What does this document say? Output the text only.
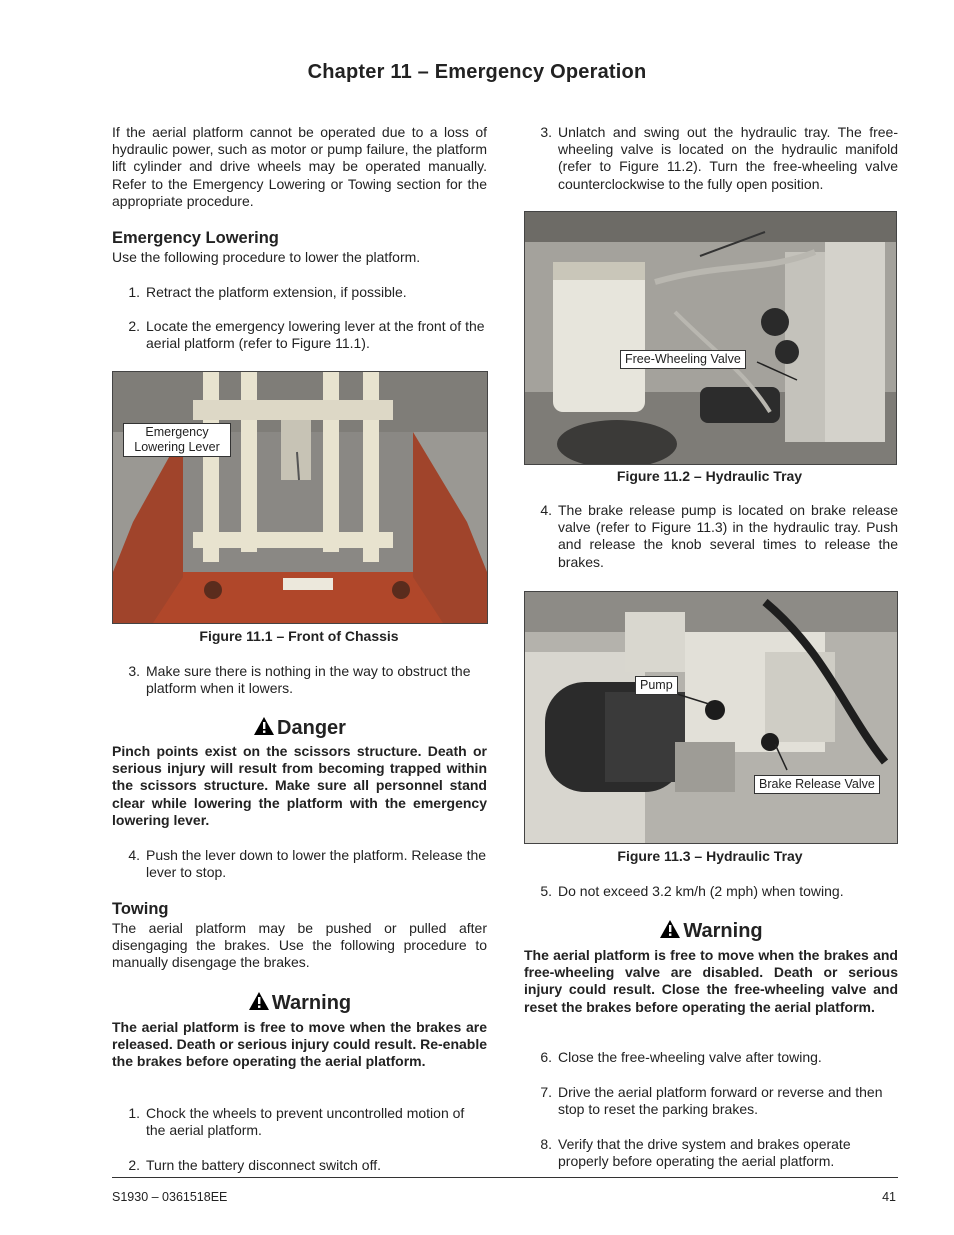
Chapter 11 – Emergency Operation
If the aerial platform cannot be operated due to a loss of hydraulic power, such as motor or pump failure, the platform lift cylinder and drive wheels may be operated manually. Refer to the Emergency Lowering or Towing section for the appropriate procedure.
Emergency Lowering
Use the following procedure to lower the platform.
1. Retract the platform extension, if possible.
2. Locate the emergency lowering lever at the front of the aerial platform (refer to Figure 11.1).
Emergency Lowering Lever
Figure 11.1 – Front of Chassis
3. Make sure there is nothing in the way to obstruct the platform when it lowers.
Danger
Pinch points exist on the scissors structure. Death or serious injury will result from becoming trapped within the scissors structure. Make sure all personnel stand clear while lowering the platform with the emergency lowering lever.
4. Push the lever down to lower the platform. Release the lever to stop.
Towing
The aerial platform may be pushed or pulled after disengaging the brakes. Use the following procedure to manually disengage the brakes.
Warning
The aerial platform is free to move when the brakes are released. Death or serious injury could result. Re-enable the brakes before operating the aerial platform.
1. Chock the wheels to prevent uncontrolled motion of the aerial platform.
2. Turn the battery disconnect switch off.
3. Unlatch and swing out the hydraulic tray. The free-wheeling valve is located on the hydraulic manifold (refer to Figure 11.2). Turn the free-wheeling valve counterclockwise to the fully open position.
Free-Wheeling Valve
Figure 11.2 – Hydraulic Tray
4. The brake release pump is located on brake release valve (refer to Figure 11.3) in the hydraulic tray. Push and release the knob several times to release the brakes.
Pump
Brake Release Valve
Figure 11.3 – Hydraulic Tray
5. Do not exceed 3.2 km/h (2 mph) when towing.
Warning
The aerial platform is free to move when the brakes and free-wheeling valve are disabled. Death or serious injury could result. Close the free-wheeling valve and reset the brakes before operating the aerial platform.
6. Close the free-wheeling valve after towing.
7. Drive the aerial platform forward or reverse and then stop to reset the parking brakes.
8. Verify that the drive system and brakes operate properly before operating the aerial platform.
S1930 – 0361518EE	41
